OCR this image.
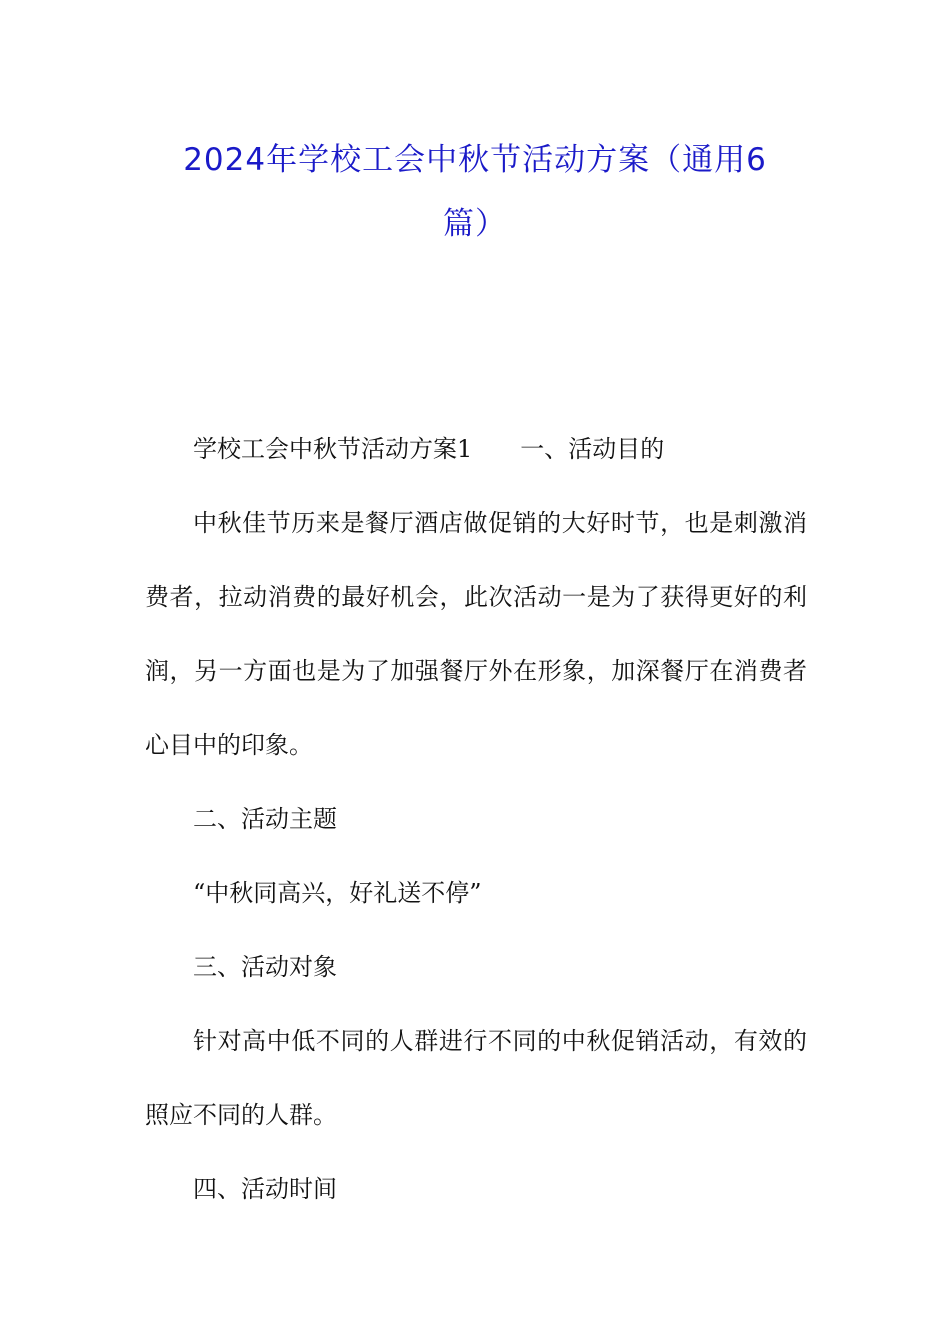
2024年学校工会中秋节活动方案（通用6
篇）

学校工会中秋节活动方案1 一、活动目的

中秋佳节历来是餐厅酒店做促销的大好时节，也是刺激消费者，拉动消费的最好机会，此次活动一是为了获得更好的利润，另一方面也是为了加强餐厅外在形象，加深餐厅在消费者心目中的印象。

二、活动主题

“中秋同高兴，好礼送不停”

三、活动对象

针对高中低不同的人群进行不同的中秋促销活动，有效的照应不同的人群。

四、活动时间
